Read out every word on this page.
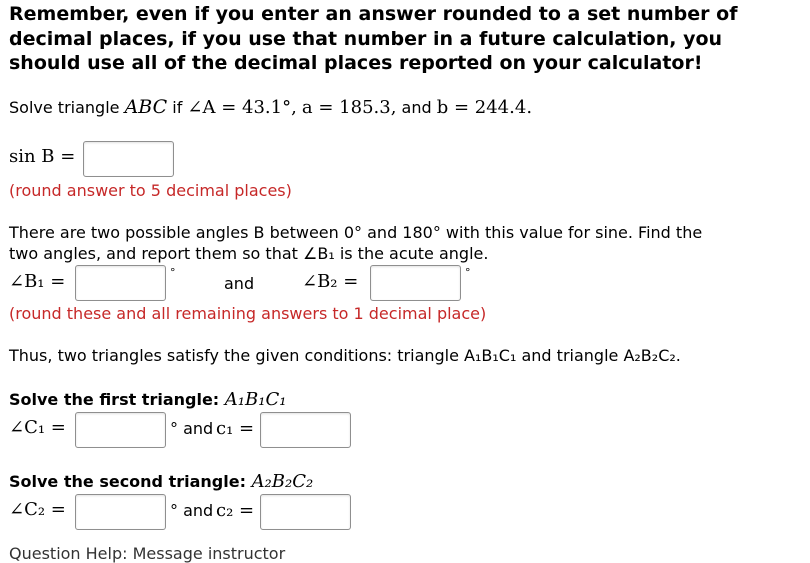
Remember, even if you enter an answer rounded to a set number of
decimal places, if you use that number in a future calculation, you
should use all of the decimal places reported on your calculator!
Solve triangle ABC if ∠A = 43.1°, a = 185.3, and b = 244.4.
sin B =
(round answer to 5 decimal places)
There are two possible angles B between 0° and 180° with this value for sine. Find the
two angles, and report them so that ∠B₁ is the acute angle.
∠B₁ =	°
and	∠B₂ =	°
(round these and all remaining answers to 1 decimal place)
Thus, two triangles satisfy the given conditions: triangle A₁B₁C₁ and triangle A₂B₂C₂.
Solve the first triangle: A₁B₁C₁
∠C₁ =	° and c₁ =
Solve the second triangle: A₂B₂C₂
∠C₂ =	° and c₂ =
Question Help: Message instructor
